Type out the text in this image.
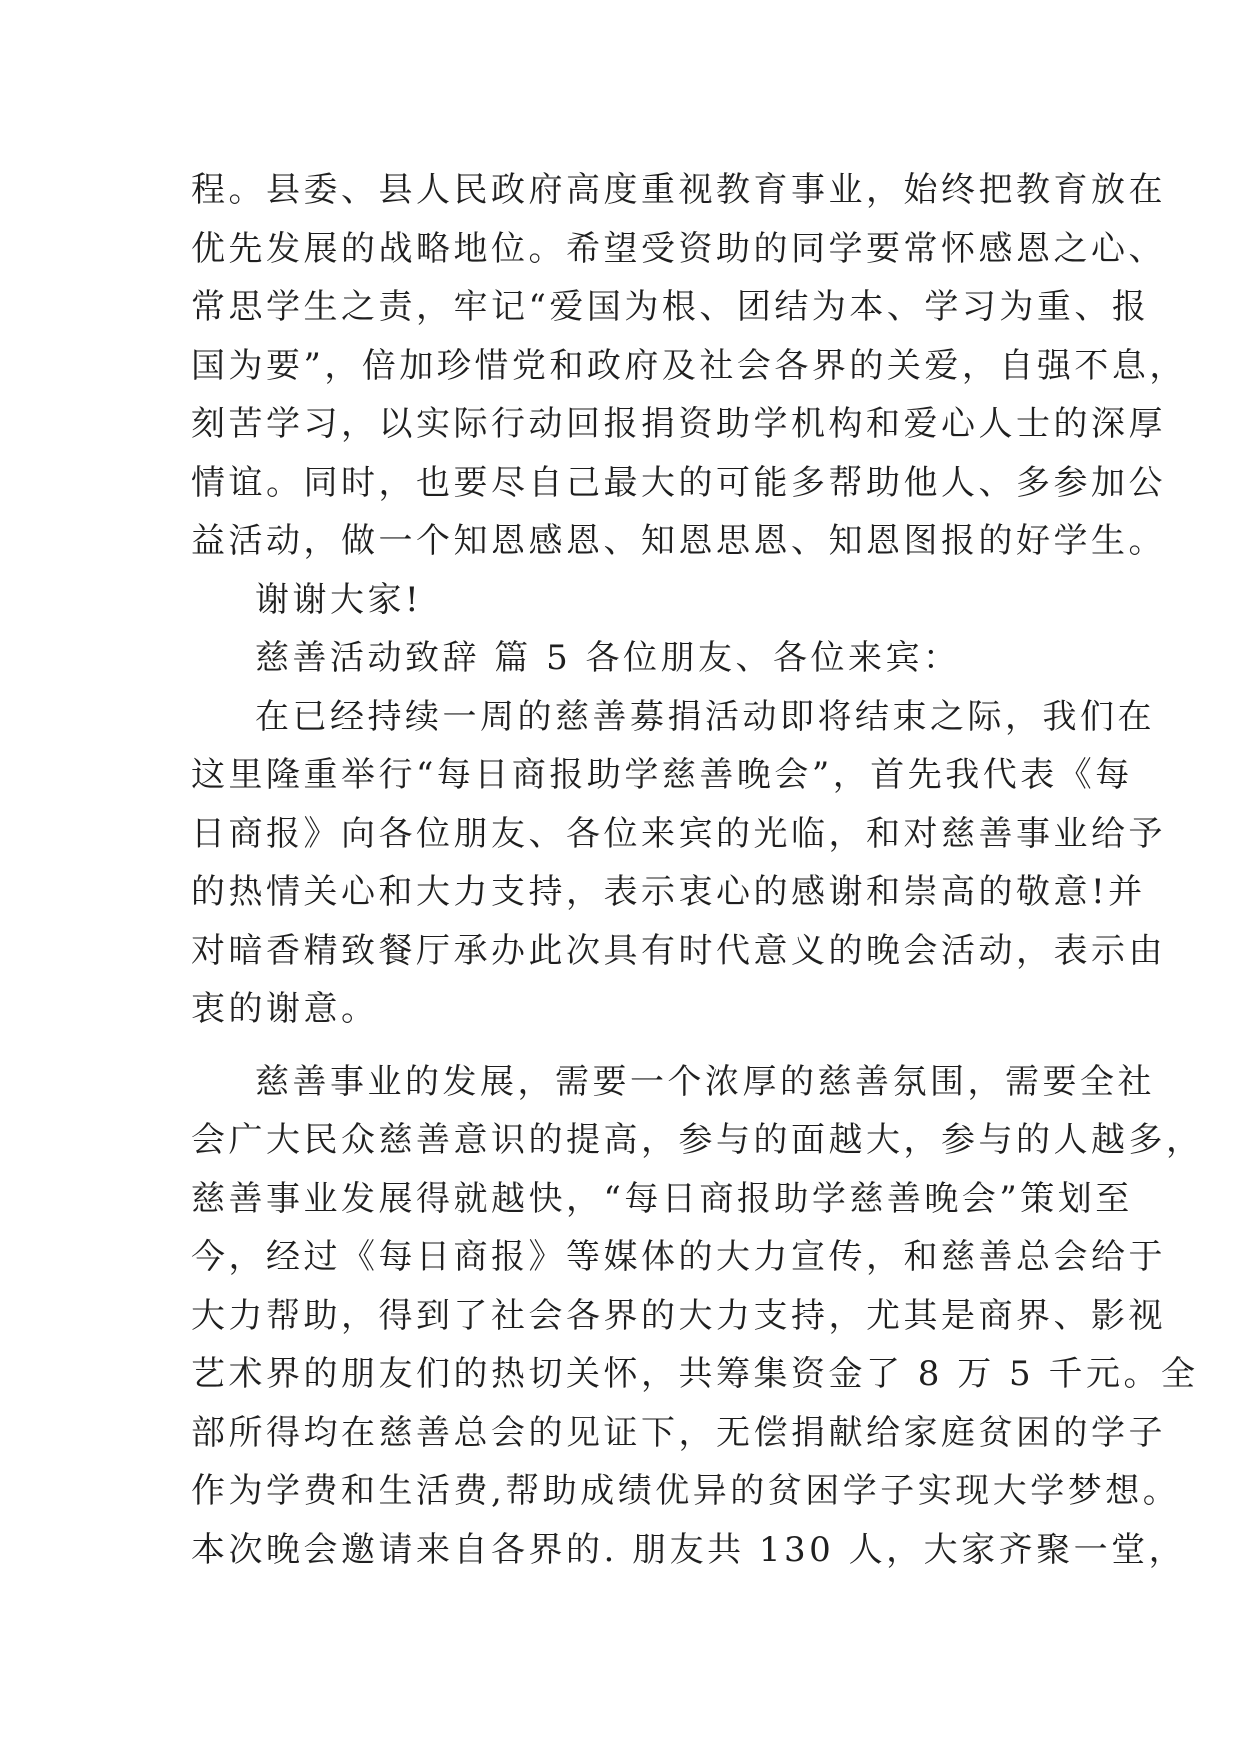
程。县委、县人民政府高度重视教育事业，始终把教育放在
优先发展的战略地位。希望受资助的同学要常怀感恩之心、
常思学生之责，牢记“爱国为根、团结为本、学习为重、报
国为要”，倍加珍惜党和政府及社会各界的关爱，自强不息，
刻苦学习，以实际行动回报捐资助学机构和爱心人士的深厚
情谊。同时，也要尽自己最大的可能多帮助他人、多参加公
益活动，做一个知恩感恩、知恩思恩、知恩图报的好学生。
谢谢大家!
慈善活动致辞 篇 5 各位朋友、各位来宾：
在已经持续一周的慈善募捐活动即将结束之际，我们在
这里隆重举行“每日商报助学慈善晚会”，首先我代表《每
日商报》向各位朋友、各位来宾的光临，和对慈善事业给予
的热情关心和大力支持，表示衷心的感谢和崇高的敬意!并
对暗香精致餐厅承办此次具有时代意义的晚会活动，表示由
衷的谢意。
慈善事业的发展，需要一个浓厚的慈善氛围，需要全社
会广大民众慈善意识的提高，参与的面越大，参与的人越多，
慈善事业发展得就越快，“每日商报助学慈善晚会”策划至
今，经过《每日商报》等媒体的大力宣传，和慈善总会给于
大力帮助，得到了社会各界的大力支持，尤其是商界、影视
艺术界的朋友们的热切关怀，共筹集资金了 8 万 5 千元。全
部所得均在慈善总会的见证下，无偿捐献给家庭贫困的学子
作为学费和生活费,帮助成绩优异的贫困学子实现大学梦想。
本次晚会邀请来自各界的. 朋友共 130 人，大家齐聚一堂，
